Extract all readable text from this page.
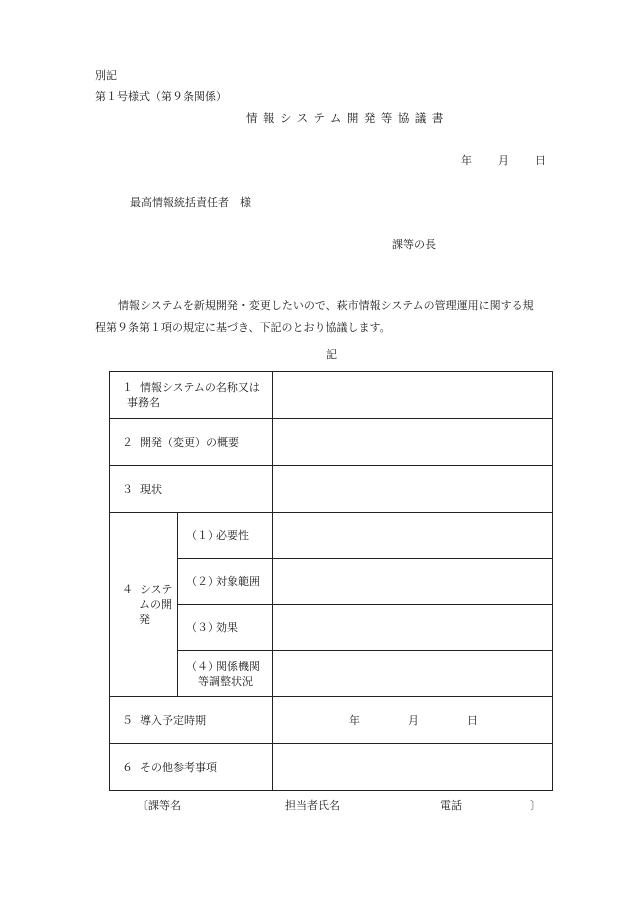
別記
第１号様式（第９条関係）
情報システム開発等協議書
年 月 日
最高情報統括責任者　様
課等の長
情報システムを新規開発・変更したいので、萩市情報システムの管理運用に関する規
程第９条第１項の規定に基づき、下記のとおり協議します。
記
１ 情報システムの名称又は
事務名		

２ 開発（変更）の概要		
３ 現状		
４ システ
ムの開発	（１）必要性	
	（２）対象範囲	
	（３）効果	
	（４）関係機関
等調整状況	

５ 導入予定時期		年 月 日

６ その他参考事項		
〔課等名	担当者氏名	電話	〕
